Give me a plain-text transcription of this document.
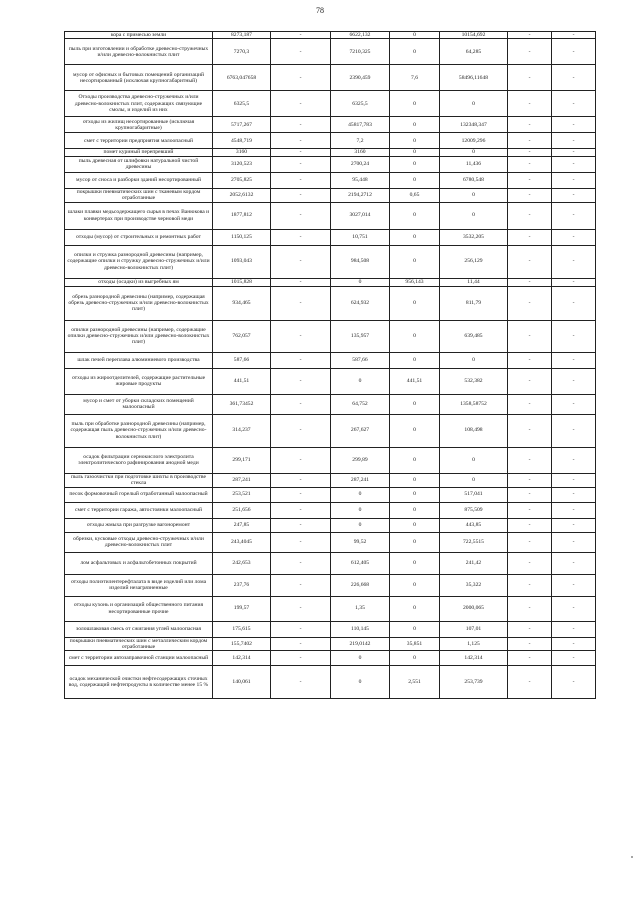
78
кора с примесью земли	8273,187	-	6622,132	0	10154,692	-	-
пыль при изготовлении и обработке древесно-стружечных и/или древесно-волокнистых плит	7270,3	-	7210,325	0	64,285	-	-
мусор от офисных и бытовых помещений организаций несортированный (исключая крупногабаритный)	6763,047658	-	2390,459	7,6	58496,11648	-	-
Отходы производства древесно-стружечных и/или древесно-волокнистых плит, содержащих связующие смолы, и изделий из них	6325,5	-	6325,5	0	0	-	-
отходы из жилищ несортированные (исключая крупногабаритные)	5717,267	-	45817,783	0	132348,347	-	-
смет с территории предприятия малоопасный	4548,719	-	7,2	0	12009,296	-	-
помет куриный перепревший	3160	-	3160	0	0	-	-
пыль древесная от шлифовки натуральной чистой древесины	3120,523	-	2700,24	0	11,436	-	-
мусор от сноса и разборки зданий несортированный	2705,825	-	95,448	0	6780,548	-	-
покрышки пневматических шин с тканевым кордом отработанные	2052,6132	-	2194,2712	0,65	0	-	-
шлаки плавки медьсодержащего сырья в печах Ванюкова и конвертерах при производстве черновой меди	1877,812	-	3027,014	0	0	-	-
отходы (мусор) от строительных и ремонтных работ	1150,125	-	10,751	0	3532,205	-	-
опилки и стружка разнородной древесины (например, содержащие опилки и стружку древесно-стружечных и/или древесно-волокнистых плит)	1093,043	-	984,508	0	256,129	-	-
отходы (осадки) из выгребных ям	1015,828	-	0	956,143	11,44	-	-
обрезь разнородной древесины (например, содержащая обрезь древесно-стружечных и/или древесно-волокнистых плит)	934,465	-	624,932	0	811,79	-	-
опилки разнородной древесины (например, содержащие опилки древесно-стружечных и/или древесно-волокнистых плит)	762,057	-	135,957	0	639,485	-	-
шлак печей переплава алюминиевого производства	587,66	-	587,66	0	0	-	-
отходы из жироотделителей, содержащие растительные жировые продукты	441,51	-	0	441,51	532,382	-	-
мусор и смет от уборки складских помещений малоопасный	361,73452	-	64,752	0	1358,58752	-	-
пыль при обработке разнородной древесины (например, содержащая пыль древесно-стружечных и/или древесно-волокнистых плит)	314,237	-	267,627	0	108,498	-	-
осадок фильтрации сернокислого электролита электролитического рафинирования анодной меди	299,171	-	299,89	0	0	-	-
пыль газоочистки при подготовке шихты в производстве стекла	287,241	-	287,241	0	0	-	-
песок формовочный горелый отработанный малоопасный	253,521	-	0	0	517,041	-	-
смет с территории гаража, автостоянки малоопасный	251,656	-	0	0	875,509	-	-
отходы жмыха при разгрузке вагоноремонт	247,85	-	0	0	443,85	-	-
обрезки, кусковые отходы древесно-стружечных и/или древесно-волокнистых плит	243,4045	-	99,52	0	722,5515	-	-
лом асфальтовых и асфальтобетонных покрытий	242,653	-	612,405	0	241,42	-	-
отходы полиэтилентерефталата в виде изделий или лома изделий незагрязненные	237,76	-	226,668	0	35,322	-	-
отходы кухонь и организаций общественного питания несортированные прочие	199,57	-	1,35	0	2000,065	-	-
золошлаковая смесь от сжигания углей малоопасная	175,615	-	110,145	0	107,01	-	-
покрышки пневматических шин с металлическим кордом отработанные	155,7402	-	219,0142	35,851	1,125	-	-
смет с территории автозаправочной станции малоопасный	142,314	-	0	0	142,314	-	-
осадок механической очистки нефтесодержащих сточных вод, содержащий нефтепродукты в количестве менее 15 %	140,061	-	0	2,551	253,739	-	-
